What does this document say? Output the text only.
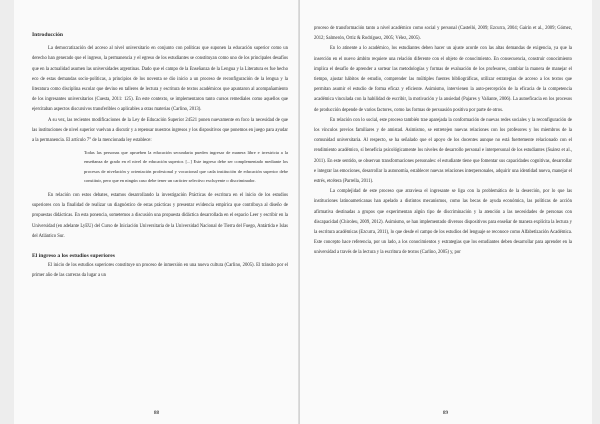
Introducción

La democratización del acceso al nivel universitario en conjunto con políticas que suponen la educación superior como un derecho han generado que el ingreso, la permanencia y el egreso de los estudiantes se constituyan como uno de los principales desafíos que en la actualidad asumen las universidades argentinas. Dado que el campo de la Enseñanza de la Lengua y la Literatura es fue hecho eco de estas demandas socio-políticas, a principios de los noventa se dio inicio a un proceso de reconfiguración de la lengua y la literatura como disciplina escolar que devino en talleres de lectura y escritura de textos académicos que apuntaron al acompañamiento de los ingresantes universitarios (Cuesta, 2011: 125). En este contexto, se implementaron tanto cursos remediales como aquellos que ejercitaban aspectos discursivos transferibles o aplicables a otras materias (Carlino, 2013).

A su vez, las recientes modificaciones de la Ley de Educación Superior 24521 ponen nuevamente en foco la necesidad de que las instituciones de nivel superior vuelvan a discutir y a repensar nuestros ingresos y los dispositivos que ponemos en juego para ayudar a la permanencia. El artículo 7° de la mencionada ley establece:

Todas las personas que aprueben la educación secundaria pueden ingresar de manera libre e irrestricta a la enseñanza de grado en el nivel de educación superior. [...] Este ingreso debe ser complementado mediante los procesos de nivelación y orientación profesional y vocacional que cada institución de educación superior debe constituir, pero que en ningún caso debe tener un carácter selectivo excluyente o discriminador.

En relación con estos debates, estamos desarrollando la investigación Prácticas de escritura en el inicio de los estudios superiores con la finalidad de realizar un diagnóstico de estas prácticas y presentar evidencia empírica que contribuya al diseño de propuestas didácticas. En esta ponencia, sometemos a discusión una propuesta didáctica desarrollada en el espacio Leer y escribir en la Universidad (en adelante LyEU) del Curso de Iniciación Universitaria de la Universidad Nacional de Tierra del Fuego, Antártida e Islas del Atlántico Sur.

El ingreso a los estudios superiores

El inicio de los estudios superiores constituye un proceso de inmersión en una nueva cultura (Carlino, 2005). El tránsito por el primer año de las carreras da lugar a un

88

proceso de transformación tanto a nivel académico como social y personal (Castelló, 2009; Ezcurra, 2004; Gairín et al., 2009; Gómez, 2012; Salmerón, Ortiz & Rodríguez, 2005; Vélez, 2005).

En lo atinente a lo académico, los estudiantes deben hacer un ajuste acorde con las altas demandas de exigencia, ya que la inserción en el nuevo ámbito requiere una relación diferente con el objeto de conocimiento. En consecuencia, construir conocimiento implica el desafío de aprender a sortear las metodologías y formas de evaluación de los profesores, cambiar la manera de manejar el tiempo, ajustar hábitos de estudio, comprender las múltiples fuentes bibliográficas, utilizar estrategias de acceso a los textos que permitan asumir el estudio de forma eficaz y eficiente. Asimismo, intervienen la auto-percepción de la eficacia de la competencia académica vinculada con la habilidad de escribir, la motivación y la ansiedad (Pajares y Valiante, 2006). La autoeficacia en los procesos de producción depende de varios factores, como las formas de persuasión positiva por parte de otros.

En relación con lo social, este proceso también trae aparejada la conformación de nuevas redes sociales y la reconfiguración de los vínculos previos familiares y de amistad. Asimismo, se entretejen nuevas relaciones con los profesores y los miembros de la comunidad universitaria. Al respecto, se ha señalado que el apoyo de los docentes aunque no está fuertemente relacionado con el rendimiento académico, sí beneficia psicológicamente los niveles de desarrollo personal e interpersonal de los estudiantes (Suárez et al., 2011). En este sentido, se observan transformaciones personales: el estudiante tiene que fomentar sus capacidades cognitivas, desarrollar e integrar las emociones, desarrollar la autonomía, establecer nuevas relaciones interpersonales, adquirir una identidad nueva, manejar el estrés, etcétera (Parrella, 2011).

La complejidad de este proceso que atraviesa el ingresante se liga con la problemática de la deserción, por lo que las instituciones latinoamericanas han apelado a distintos mecanismos, como las becas de ayuda económica, las políticas de acción afirmativa destinadas a grupos que experimentan algún tipo de discriminación y la atención a las necesidades de personas con discapacidad (Chiroleu, 2009, 2012). Asimismo, se han implementado diversos dispositivos para enseñar de manera explícita la lectura y la escritura académicas (Ezcurra, 2011), lo que desde el campo de los estudios del lenguaje se reconoce como Alfabetización Académica. Este concepto hace referencia, por un lado, a los conocimientos y estrategias que los estudiantes deben desarrollar para aprender en la universidad a través de la lectura y la escritura de textos (Carlino, 2005) y, por

89
